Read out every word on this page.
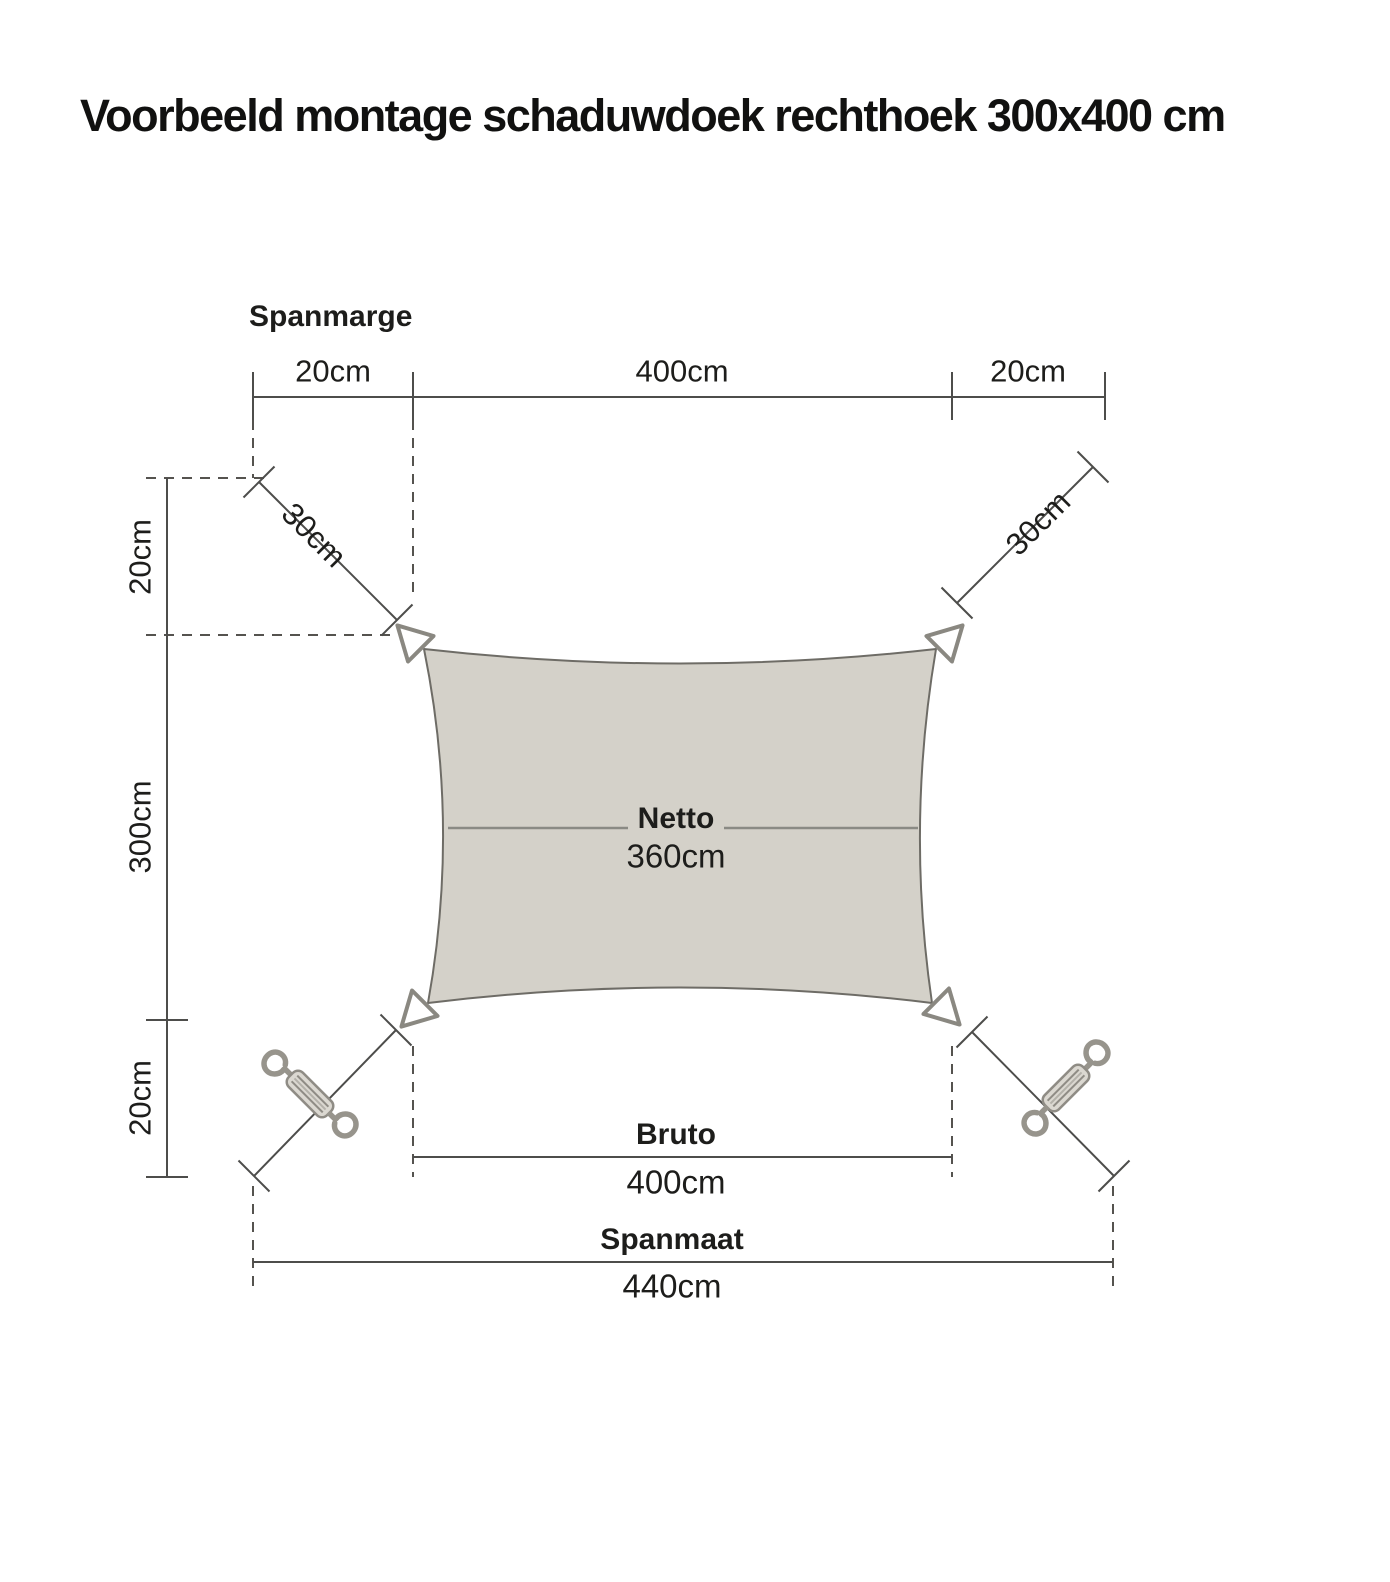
Voorbeeld montage schaduwdoek rechthoek 300x400 cm
Spanmarge
20cm	400cm	20cm
20cm
300cm
20cm
30cm	30cm
Netto
360cm
Bruto
400cm
Spanmaat
440cm
